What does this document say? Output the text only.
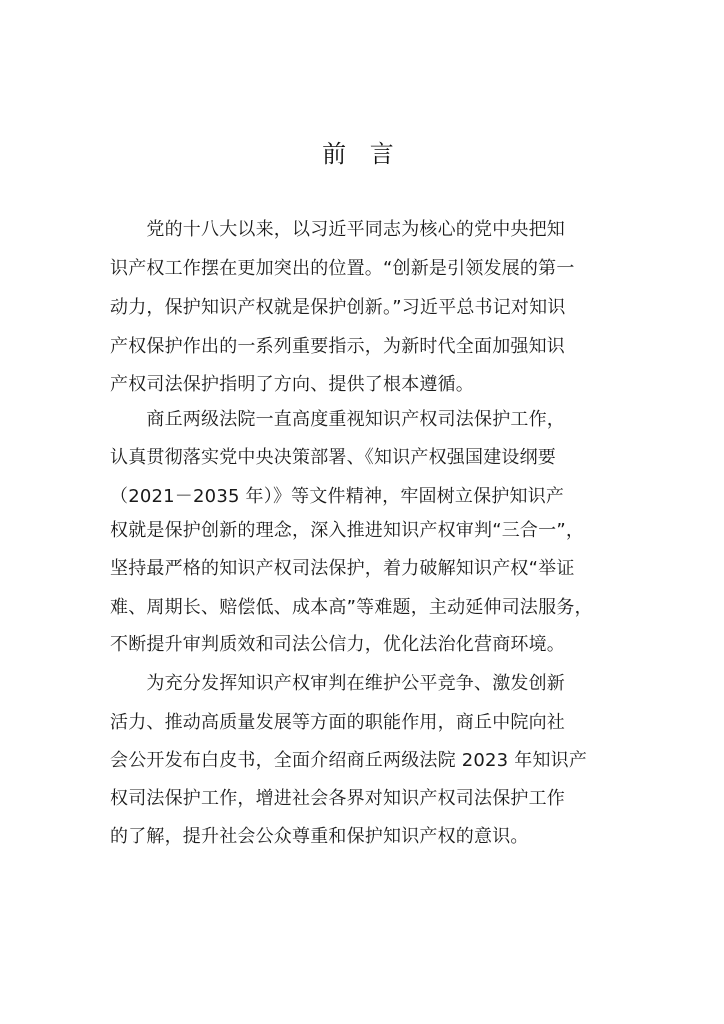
前 言
　　党的十八大以来，以习近平同志为核心的党中央把知
识产权工作摆在更加突出的位置。“创新是引领发展的第一
动力，保护知识产权就是保护创新。”习近平总书记对知识
产权保护作出的一系列重要指示，为新时代全面加强知识
产权司法保护指明了方向、提供了根本遵循。
　　商丘两级法院一直高度重视知识产权司法保护工作，
认真贯彻落实党中央决策部署、《知识产权强国建设纲要
（2021－2035 年）》等文件精神，牢固树立保护知识产
权就是保护创新的理念，深入推进知识产权审判“三合一”，
坚持最严格的知识产权司法保护，着力破解知识产权“举证
难、周期长、赔偿低、成本高”等难题，主动延伸司法服务，
不断提升审判质效和司法公信力，优化法治化营商环境。
　　为充分发挥知识产权审判在维护公平竞争、激发创新
活力、推动高质量发展等方面的职能作用，商丘中院向社
会公开发布白皮书，全面介绍商丘两级法院 2023 年知识产
权司法保护工作，增进社会各界对知识产权司法保护工作
的了解，提升社会公众尊重和保护知识产权的意识。
